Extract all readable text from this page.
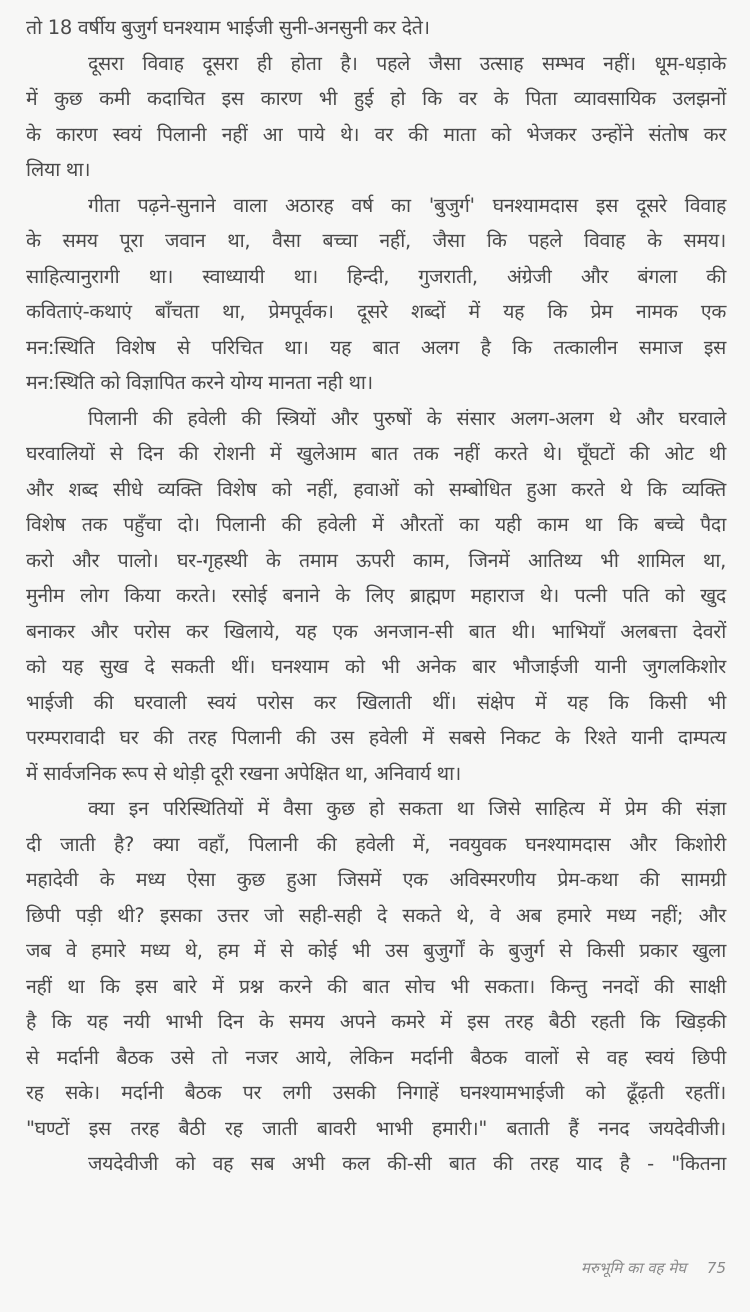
तो 18 वर्षीय बुजुर्ग घनश्याम भाईजी सुनी-अनसुनी कर देते।
दूसरा विवाह दूसरा ही होता है। पहले जैसा उत्साह सम्भव नहीं। धूम-धड़ाके
में कुछ कमी कदाचित इस कारण भी हुई हो कि वर के पिता व्यावसायिक उलझनों
के कारण स्वयं पिलानी नहीं आ पाये थे। वर की माता को भेजकर उन्होंने संतोष कर
लिया था।
गीता पढ़ने-सुनाने वाला अठारह वर्ष का 'बुजुर्ग' घनश्यामदास इस दूसरे विवाह
के समय पूरा जवान था, वैसा बच्चा नहीं, जैसा कि पहले विवाह के समय।
साहित्यानुरागी था। स्वाध्यायी था। हिन्दी, गुजराती, अंग्रेजी और बंगला की
कविताएं-कथाएं बाँचता था, प्रेमपूर्वक। दूसरे शब्दों में यह कि प्रेम नामक एक
मन:स्थिति विशेष से परिचित था। यह बात अलग है कि तत्कालीन समाज इस
मन:स्थिति को विज्ञापित करने योग्य मानता नही था।
पिलानी की हवेली की स्त्रियों और पुरुषों के संसार अलग-अलग थे और घरवाले
घरवालियों से दिन की रोशनी में खुलेआम बात तक नहीं करते थे। घूँघटों की ओट थी
और शब्द सीधे व्यक्ति विशेष को नहीं, हवाओं को सम्बोधित हुआ करते थे कि व्यक्ति
विशेष तक पहुँचा दो। पिलानी की हवेली में औरतों का यही काम था कि बच्चे पैदा
करो और पालो। घर-गृहस्थी के तमाम ऊपरी काम, जिनमें आतिथ्य भी शामिल था,
मुनीम लोग किया करते। रसोई बनाने के लिए ब्राह्मण महाराज थे। पत्नी पति को खुद
बनाकर और परोस कर खिलाये, यह एक अनजान-सी बात थी। भाभियाँ अलबत्ता देवरों
को यह सुख दे सकती थीं। घनश्याम को भी अनेक बार भौजाईजी यानी जुगलकिशोर
भाईजी की घरवाली स्वयं परोस कर खिलाती थीं। संक्षेप में यह कि किसी भी
परम्परावादी घर की तरह पिलानी की उस हवेली में सबसे निकट के रिश्ते यानी दाम्पत्य
में सार्वजनिक रूप से थोड़ी दूरी रखना अपेक्षित था, अनिवार्य था।
क्या इन परिस्थितियों में वैसा कुछ हो सकता था जिसे साहित्य में प्रेम की संज्ञा
दी जाती है? क्या वहाँ, पिलानी की हवेली में, नवयुवक घनश्यामदास और किशोरी
महादेवी के मध्य ऐसा कुछ हुआ जिसमें एक अविस्मरणीय प्रेम-कथा की सामग्री
छिपी पड़ी थी? इसका उत्तर जो सही-सही दे सकते थे, वे अब हमारे मध्य नहीं; और
जब वे हमारे मध्य थे, हम में से कोई भी उस बुजुर्गों के बुजुर्ग से किसी प्रकार खुला
नहीं था कि इस बारे में प्रश्न करने की बात सोच भी सकता। किन्तु ननदों की साक्षी
है कि यह नयी भाभी दिन के समय अपने कमरे में इस तरह बैठी रहती कि खिड़की
से मर्दानी बैठक उसे तो नजर आये, लेकिन मर्दानी बैठक वालों से वह स्वयं छिपी
रह सके। मर्दानी बैठक पर लगी उसकी निगाहें घनश्यामभाईजी को ढूँढ़ती रहतीं।
"घण्टों इस तरह बैठी रह जाती बावरी भाभी हमारी।" बताती हैं ननद जयदेवीजी।
जयदेवीजी को वह सब अभी कल की-सी बात की तरह याद है - "कितना
मरुभूमि का वह मेघ 75
